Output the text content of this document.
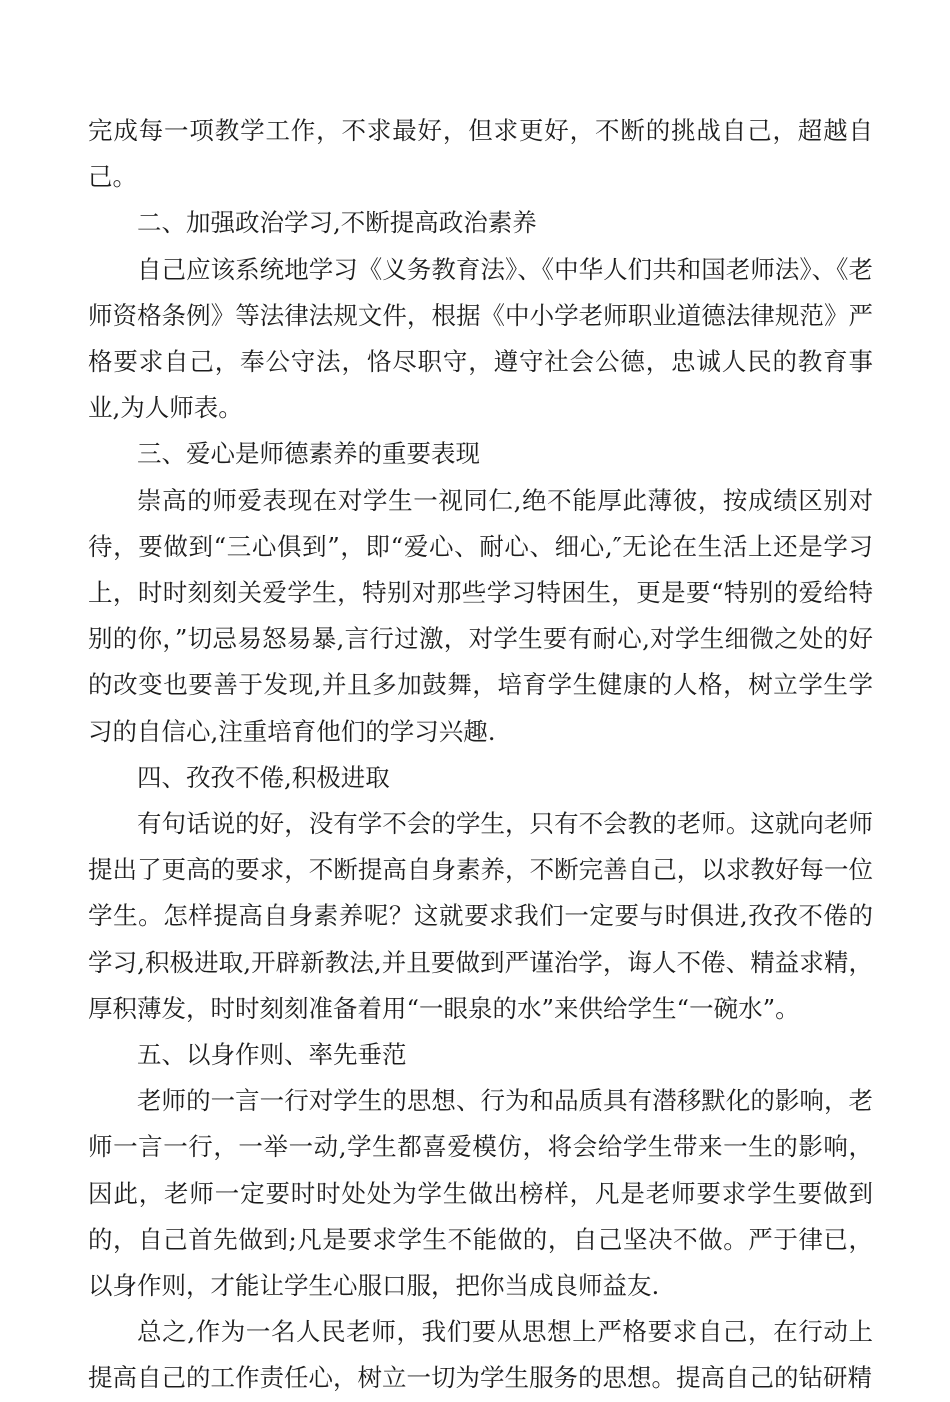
完成每一项教学工作，不求最好，但求更好，不断的挑战自己，超越自己。

二、加强政治学习,不断提高政治素养

自己应该系统地学习《义务教育法》、《中华人们共和国老师法》、《老师资格条例》等法律法规文件，根据《中小学老师职业道德法律规范》严格要求自己，奉公守法，恪尽职守，遵守社会公德，忠诚人民的教育事业,为人师表。

三、爱心是师德素养的重要表现

崇高的师爱表现在对学生一视同仁,绝不能厚此薄彼，按成绩区别对待，要做到“三心俱到”，即“爱心、耐心、细心,″无论在生活上还是学习上，时时刻刻关爱学生，特别对那些学习特困生，更是要“特别的爱给特别的你，”切忌易怒易暴,言行过激，对学生要有耐心,对学生细微之处的好的改变也要善于发现,并且多加鼓舞，培育学生健康的人格，树立学生学习的自信心,注重培育他们的学习兴趣.

四、孜孜不倦,积极进取

有句话说的好，没有学不会的学生，只有不会教的老师。这就向老师提出了更高的要求，不断提高自身素养，不断完善自己，以求教好每一位学生。怎样提高自身素养呢？这就要求我们一定要与时俱进,孜孜不倦的学习,积极进取,开辟新教法,并且要做到严谨治学，诲人不倦、精益求精，厚积薄发，时时刻刻准备着用“一眼泉的水”来供给学生“一碗水”。

五、以身作则、率先垂范

老师的一言一行对学生的思想、行为和品质具有潜移默化的影响，老师一言一行，一举一动,学生都喜爱模仿，将会给学生带来一生的影响，因此，老师一定要时时处处为学生做出榜样，凡是老师要求学生要做到的，自己首先做到;凡是要求学生不能做的，自己坚决不做。严于律已，以身作则，才能让学生心服口服，把你当成良师益友.

总之,作为一名人民老师，我们要从思想上严格要求自己，在行动上提高自己的工作责任心，树立一切为学生服务的思想。提高自己的钻研精
